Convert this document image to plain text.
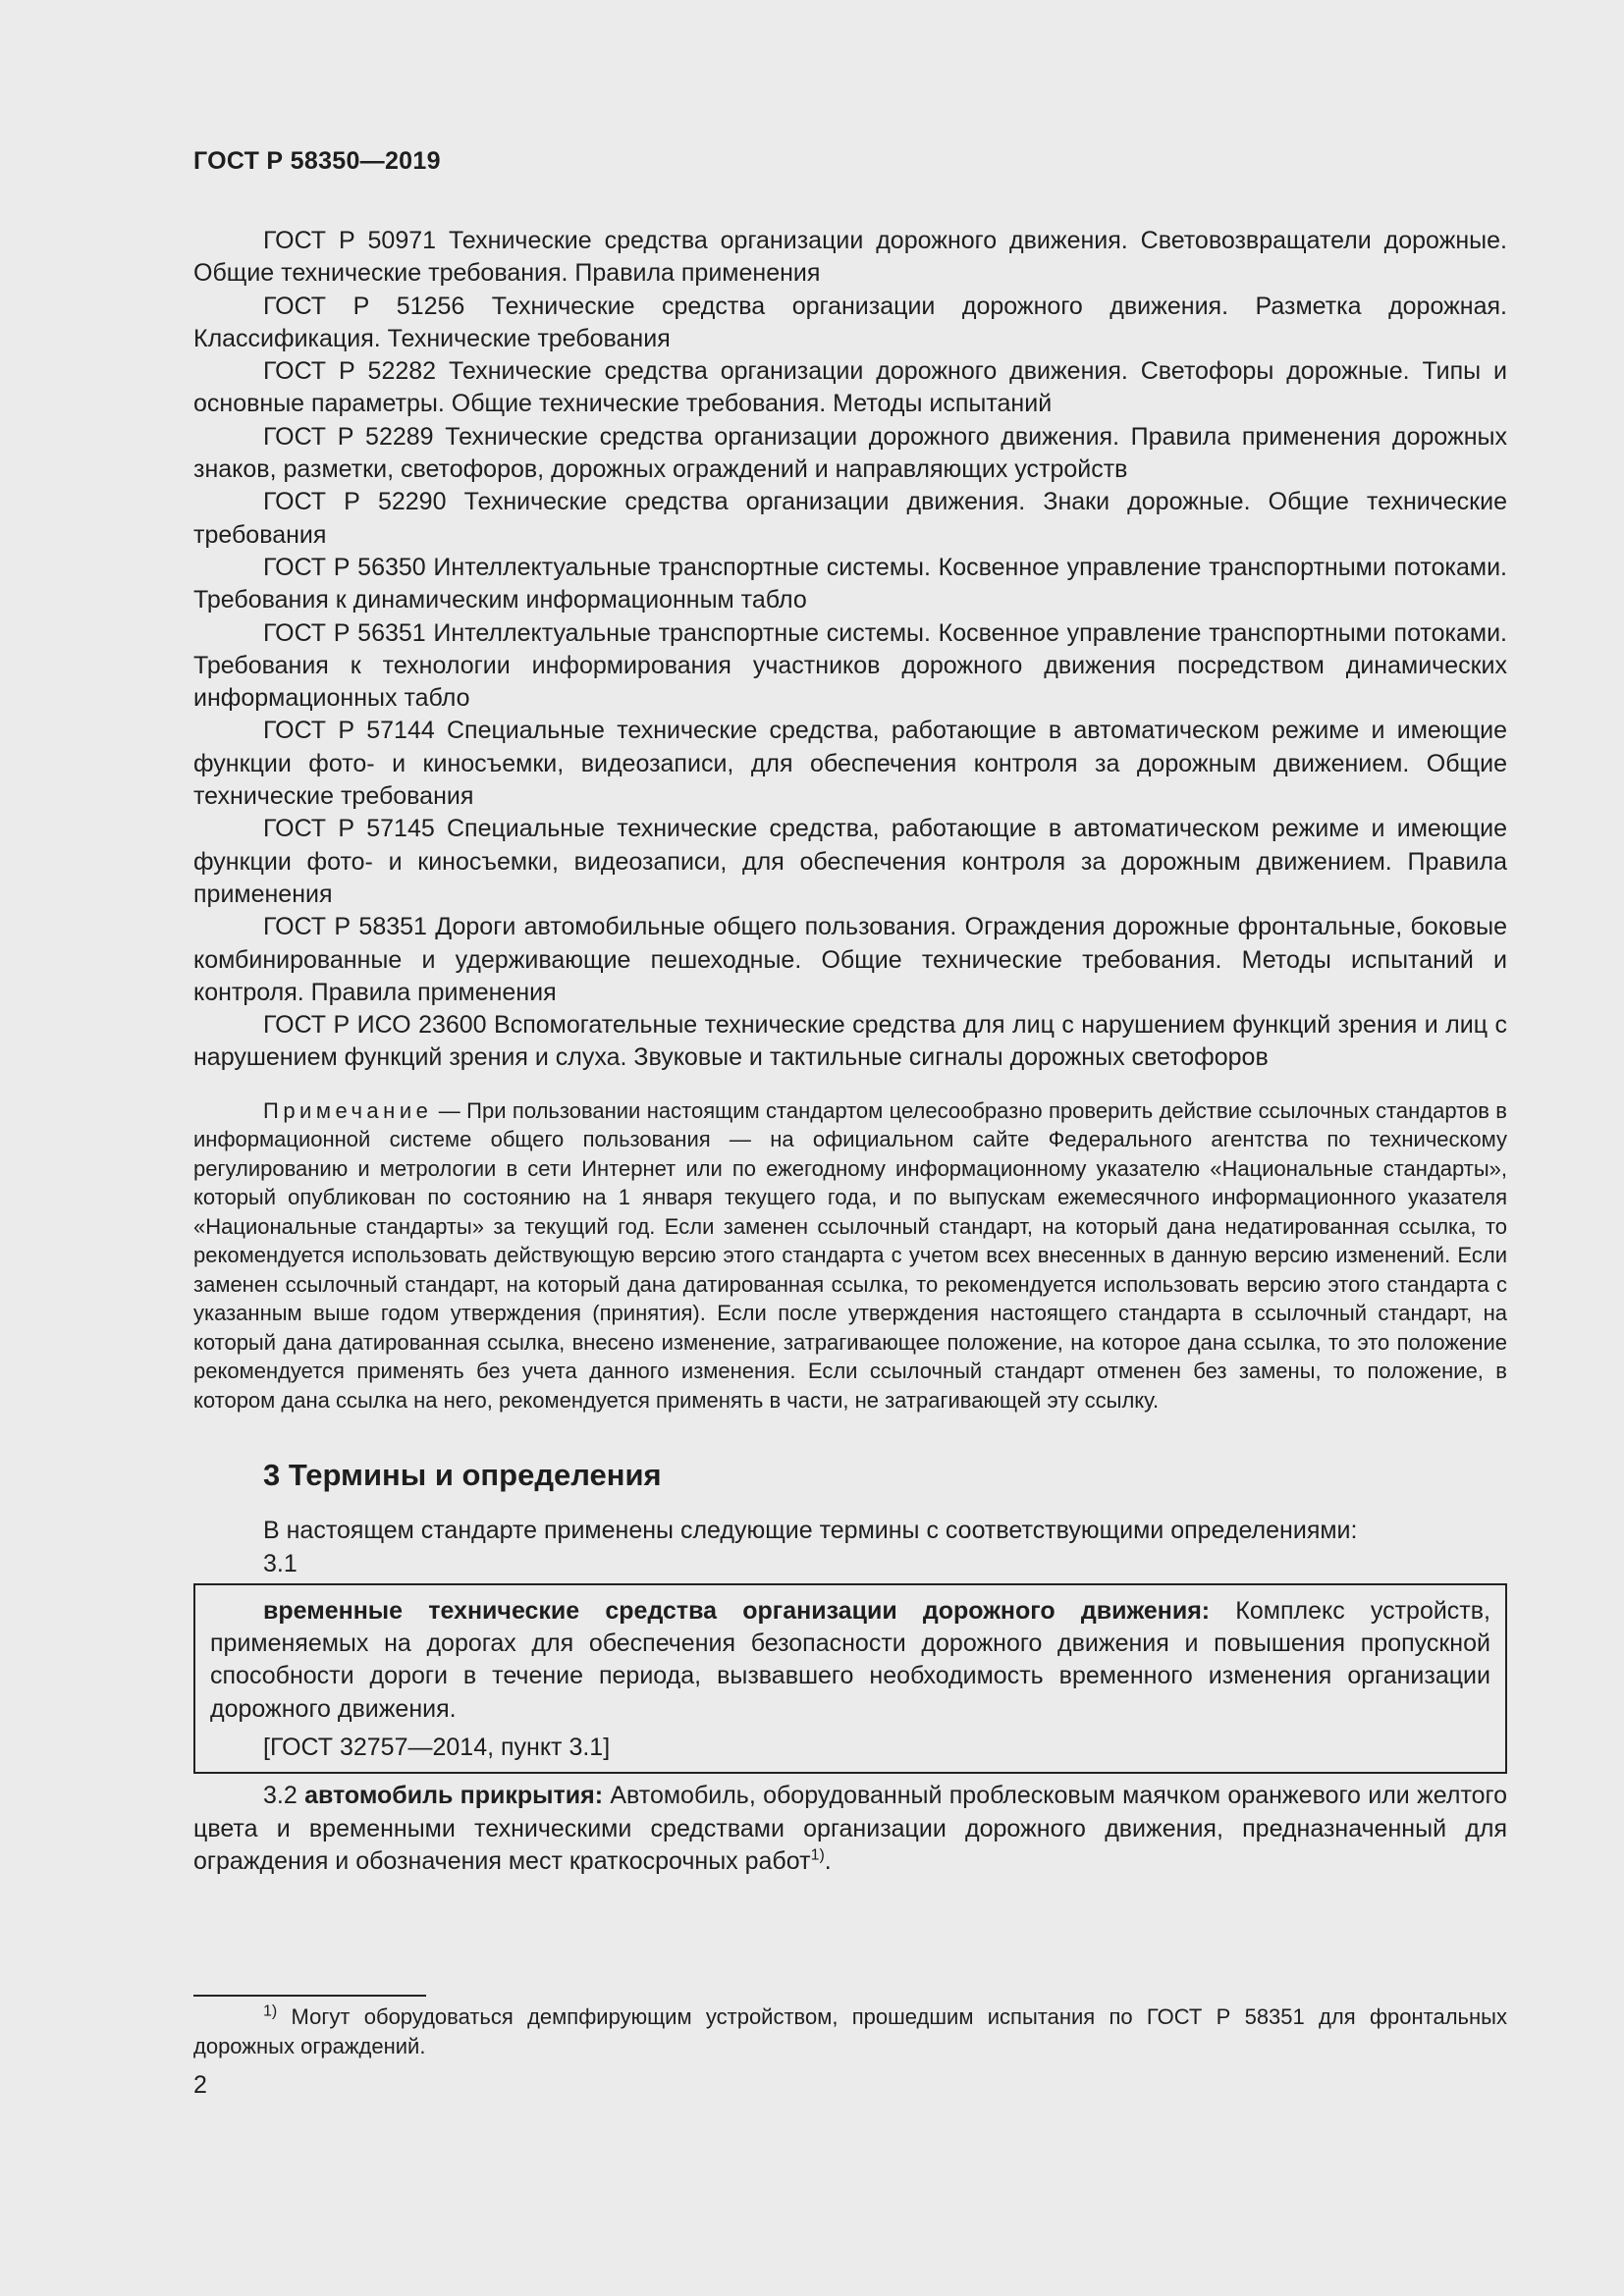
ГОСТ Р 58350—2019

ГОСТ Р 50971 Технические средства организации дорожного движения. Световозвращатели дорожные. Общие технические требования. Правила применения

ГОСТ Р 51256 Технические средства организации дорожного движения. Разметка дорожная. Классификация. Технические требования

ГОСТ Р 52282 Технические средства организации дорожного движения. Светофоры дорожные. Типы и основные параметры. Общие технические требования. Методы испытаний

ГОСТ Р 52289 Технические средства организации дорожного движения. Правила применения дорожных знаков, разметки, светофоров, дорожных ограждений и направляющих устройств

ГОСТ Р 52290 Технические средства организации движения. Знаки дорожные. Общие технические требования

ГОСТ Р 56350 Интеллектуальные транспортные системы. Косвенное управление транспортными потоками. Требования к динамическим информационным табло

ГОСТ Р 56351 Интеллектуальные транспортные системы. Косвенное управление транспортными потоками. Требования к технологии информирования участников дорожного движения посредством динамических информационных табло

ГОСТ Р 57144 Специальные технические средства, работающие в автоматическом режиме и имеющие функции фото- и киносъемки, видеозаписи, для обеспечения контроля за дорожным движением. Общие технические требования

ГОСТ Р 57145 Специальные технические средства, работающие в автоматическом режиме и имеющие функции фото- и киносъемки, видеозаписи, для обеспечения контроля за дорожным движением. Правила применения

ГОСТ Р 58351 Дороги автомобильные общего пользования. Ограждения дорожные фронтальные, боковые комбинированные и удерживающие пешеходные. Общие технические требования. Методы испытаний и контроля. Правила применения

ГОСТ Р ИСО 23600 Вспомогательные технические средства для лиц с нарушением функций зрения и лиц с нарушением функций зрения и слуха. Звуковые и тактильные сигналы дорожных светофоров

Примечание — При пользовании настоящим стандартом целесообразно проверить действие ссылочных стандартов в информационной системе общего пользования — на официальном сайте Федерального агентства по техническому регулированию и метрологии в сети Интернет или по ежегодному информационному указателю «Национальные стандарты», который опубликован по состоянию на 1 января текущего года, и по выпускам ежемесячного информационного указателя «Национальные стандарты» за текущий год. Если заменен ссылочный стандарт, на который дана недатированная ссылка, то рекомендуется использовать действующую версию этого стандарта с учетом всех внесенных в данную версию изменений. Если заменен ссылочный стандарт, на который дана датированная ссылка, то рекомендуется использовать версию этого стандарта с указанным выше годом утверждения (принятия). Если после утверждения настоящего стандарта в ссылочный стандарт, на который дана датированная ссылка, внесено изменение, затрагивающее положение, на которое дана ссылка, то это положение рекомендуется применять без учета данного изменения. Если ссылочный стандарт отменен без замены, то положение, в котором дана ссылка на него, рекомендуется применять в части, не затрагивающей эту ссылку.
3 Термины и определения
В настоящем стандарте применены следующие термины с соответствующими определениями:
3.1
временные технические средства организации дорожного движения: Комплекс устройств, применяемых на дорогах для обеспечения безопасности дорожного движения и повышения пропускной способности дороги в течение периода, вызвавшего необходимость временного изменения организации дорожного движения.
[ГОСТ 32757—2014, пункт 3.1]
3.2 автомобиль прикрытия: Автомобиль, оборудованный проблесковым маячком оранжевого или желтого цвета и временными техническими средствами организации дорожного движения, предназначенный для ограждения и обозначения мест краткосрочных работ$^{1)}$.
$^{1)}$ Могут оборудоваться демпфирующим устройством, прошедшим испытания по ГОСТ Р 58351 для фронтальных дорожных ограждений.
2
